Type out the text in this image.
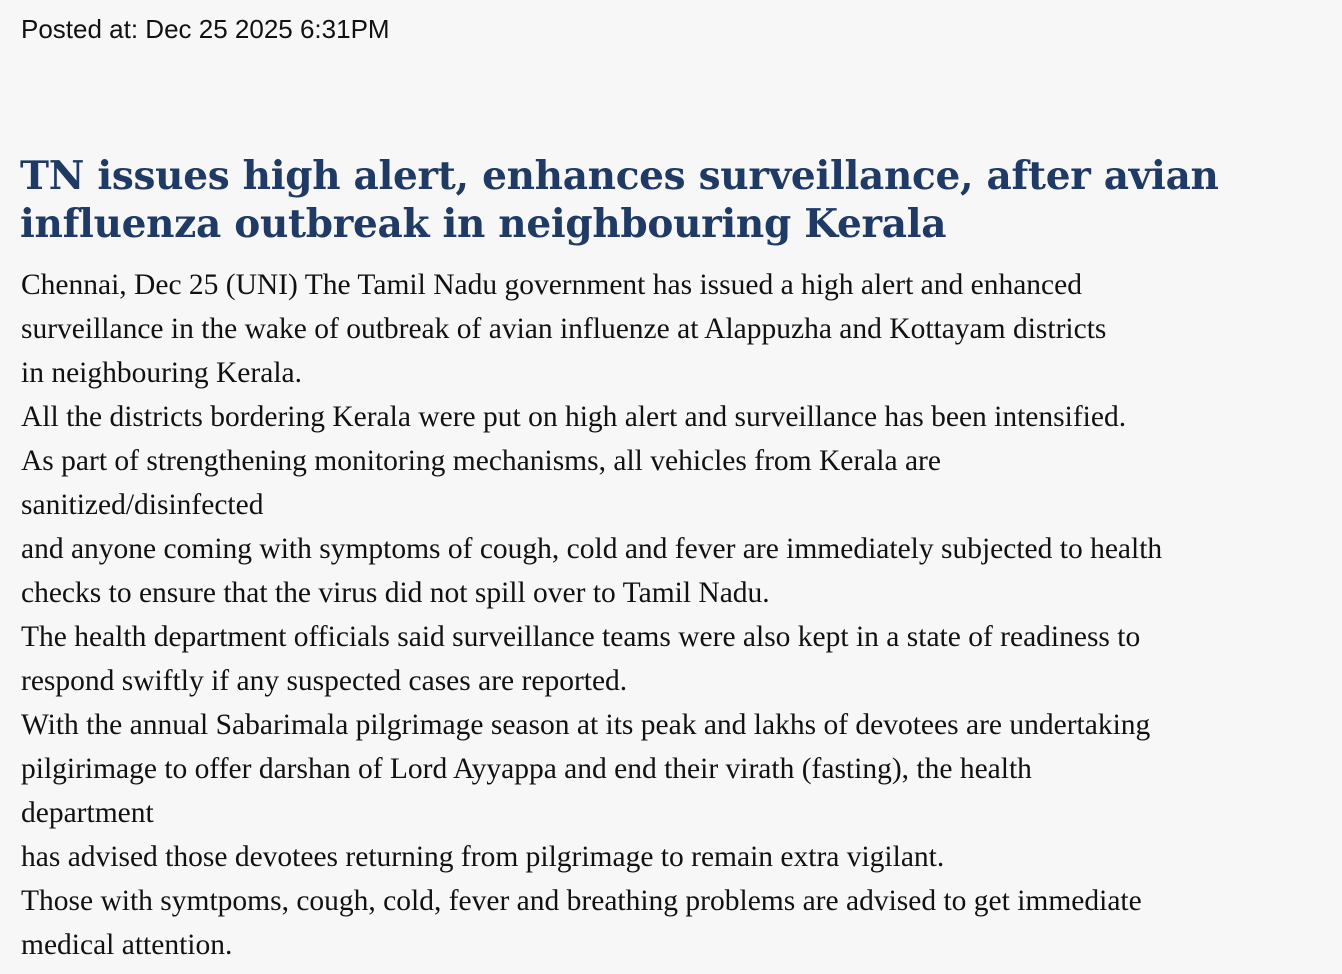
Posted at: Dec 25 2025 6:31PM
TN issues high alert, enhances surveillance, after avian
influenza outbreak in neighbouring Kerala
Chennai, Dec 25 (UNI) The Tamil Nadu government has issued a high alert and enhanced
surveillance in the wake of outbreak of avian influenze at Alappuzha and Kottayam districts
in neighbouring Kerala.
All the districts bordering Kerala were put on high alert and surveillance has been intensified.
As part of strengthening monitoring mechanisms, all vehicles from Kerala are
sanitized/disinfected
and anyone coming with symptoms of cough, cold and fever are immediately subjected to health
checks to ensure that the virus did not spill over to Tamil Nadu.
The health department officials said surveillance teams were also kept in a state of readiness to
respond swiftly if any suspected cases are reported.
With the annual Sabarimala pilgrimage season at its peak and lakhs of devotees are undertaking
pilgirimage to offer darshan of Lord Ayyappa and end their virath (fasting), the health
department
has advised those devotees returning from pilgrimage to remain extra vigilant.
Those with symtpoms, cough, cold, fever and breathing problems are advised to get immediate
medical attention.
